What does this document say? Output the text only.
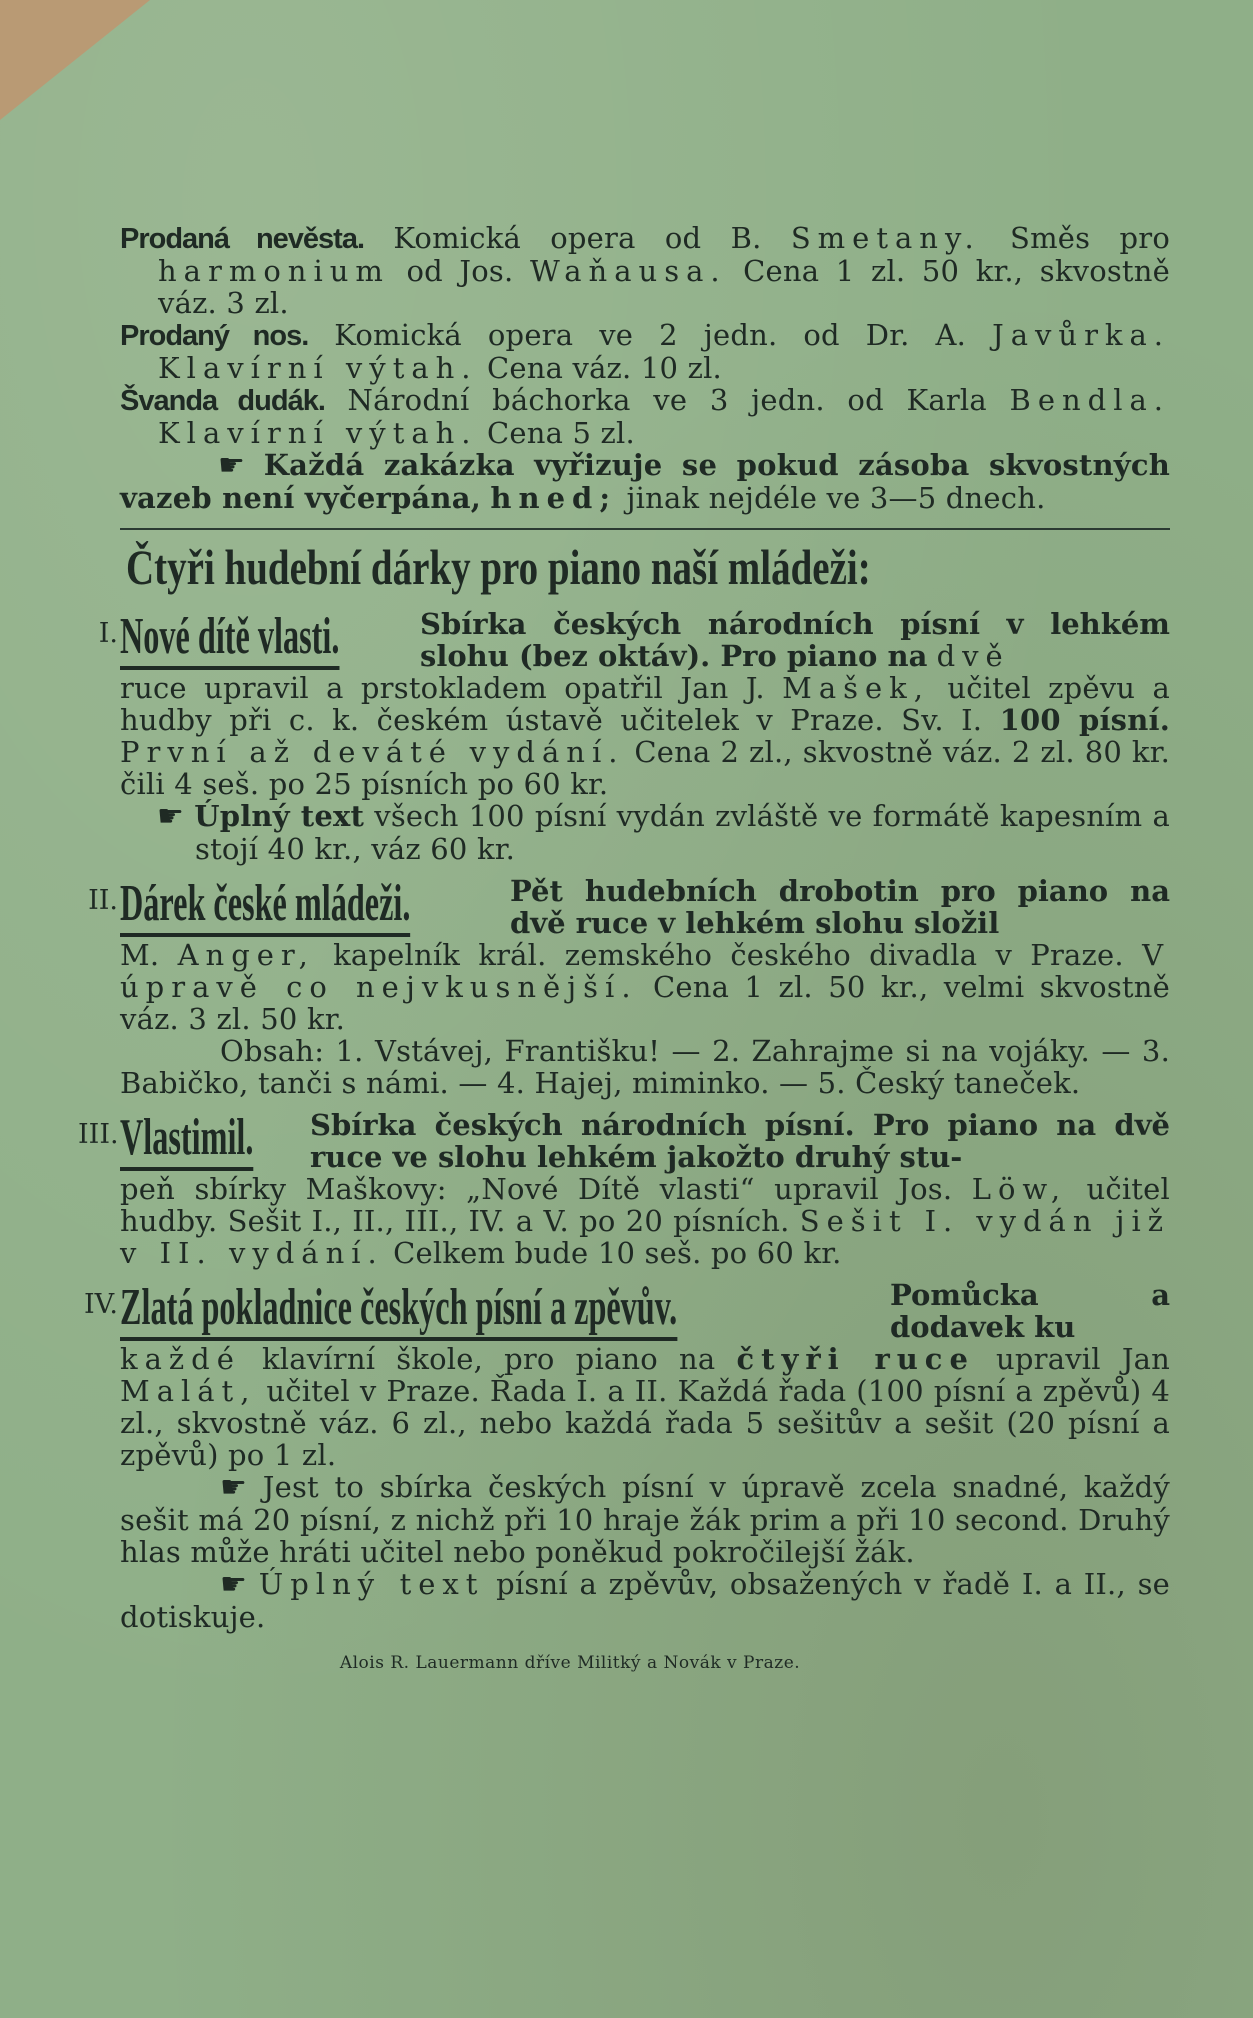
Prodaná nevěsta. Komická opera od B. Smetany. Směs pro harmonium od Jos. Waňausa. Cena 1 zl. 50 kr., skvostně váz. 3 zl.

Prodaný nos. Komická opera ve 2 jedn. od Dr. A. Javůrka. Klavírní výtah. Cena váz. 10 zl.

Švanda dudák. Národní báchorka ve 3 jedn. od Karla Bendla. Klavírní výtah. Cena 5 zl.

☛ Každá zakázka vyřizuje se pokud zásoba skvostných vazeb není vyčerpána, hned; jinak nejdéle ve 3—5 dnech.

Čtyři hudební dárky pro piano naší mládeži:
I. Nové dítě vlasti.	Sbírka českých národních písní v lehkém slohu (bez oktáv). Pro piano na dvě

ruce upravil a prstokladem opatřil Jan J. Mašek, učitel zpěvu a hudby při c. k. českém ústavě učitelek v Praze. Sv. I. 100 písní. První až deváté vydání. Cena 2 zl., skvostně váz. 2 zl. 80 kr. čili 4 seš. po 25 písních po 60 kr.

☛ Úplný text všech 100 písní vydán zvláště ve formátě kapesním a stojí 40 kr., váz 60 kr.

II. Dárek české mládeži.	Pět hudebních drobotin pro piano na dvě ruce v lehkém slohu složil

M. Anger, kapelník král. zemského českého divadla v Praze. V úpravě co nejvkusnější. Cena 1 zl. 50 kr., velmi skvostně váz. 3 zl. 50 kr.

Obsah: 1. Vstávej, Františku! — 2. Zahrajme si na vojáky. — 3. Babičko, tanči s námi. — 4. Hajej, miminko. — 5. Český taneček.

III. Vlastimil.	Sbírka českých národních písní. Pro piano na dvě ruce ve slohu lehkém jakožto druhý stu-

peň sbírky Maškovy: „Nové Dítě vlasti“ upravil Jos. Löw, učitel hudby. Sešit I., II., III., IV. a V. po 20 písních. Sešit I. vydán již v II. vydání. Celkem bude 10 seš. po 60 kr.

IV. Zlatá pokladnice českých písní a zpěvův.	Pomůcka a dodavek ku

každé klavírní škole, pro piano na čtyři ruce upravil Jan Malát, učitel v Praze. Řada I. a II. Každá řada (100 písní a zpěvů) 4 zl., skvostně váz. 6 zl., nebo každá řada 5 sešitův a sešit (20 písní a zpěvů) po 1 zl.

☛ Jest to sbírka českých písní v úpravě zcela snadné, každý sešit má 20 písní, z nichž při 10 hraje žák prim a při 10 second. Druhý hlas může hráti učitel nebo poněkud pokročilejší žák.

☛ Úplný text písní a zpěvův, obsažených v řadě I. a II., se dotiskuje.

Alois R. Lauermann dříve Militký a Novák v Praze.
